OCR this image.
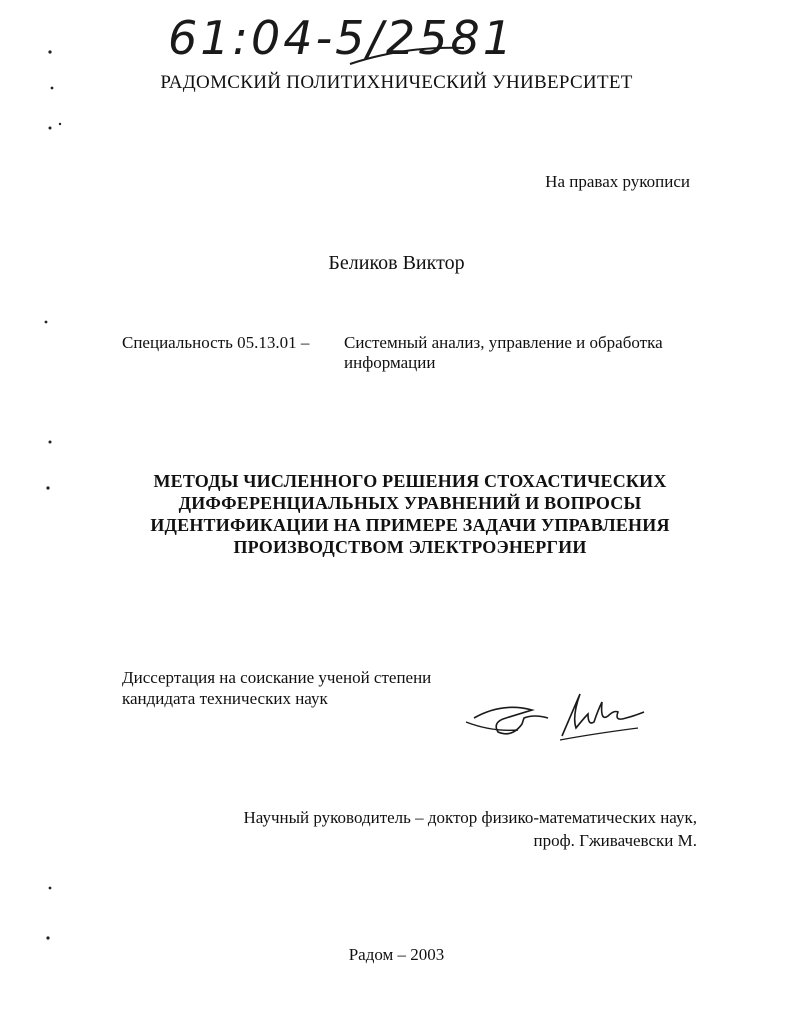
61:04-5/2581
РАДОМСКИЙ ПОЛИТИХНИЧЕСКИЙ УНИВЕРСИТЕТ
На правах рукописи
Беликов Виктор
Специальность 05.13.01 – Системный анализ, управление и обработка информации
МЕТОДЫ ЧИСЛЕННОГО РЕШЕНИЯ СТОХАСТИЧЕСКИХ
ДИФФЕРЕНЦИАЛЬНЫХ УРАВНЕНИЙ И ВОПРОСЫ
ИДЕНТИФИКАЦИИ НА ПРИМЕРЕ ЗАДАЧИ УПРАВЛЕНИЯ
ПРОИЗВОДСТВОМ ЭЛЕКТРОЭНЕРГИИ
Диссертация на соискание ученой степени
кандидата технических наук
Научный руководитель – доктор физико-математических наук,
проф. Гживачевски М.
Радом – 2003
